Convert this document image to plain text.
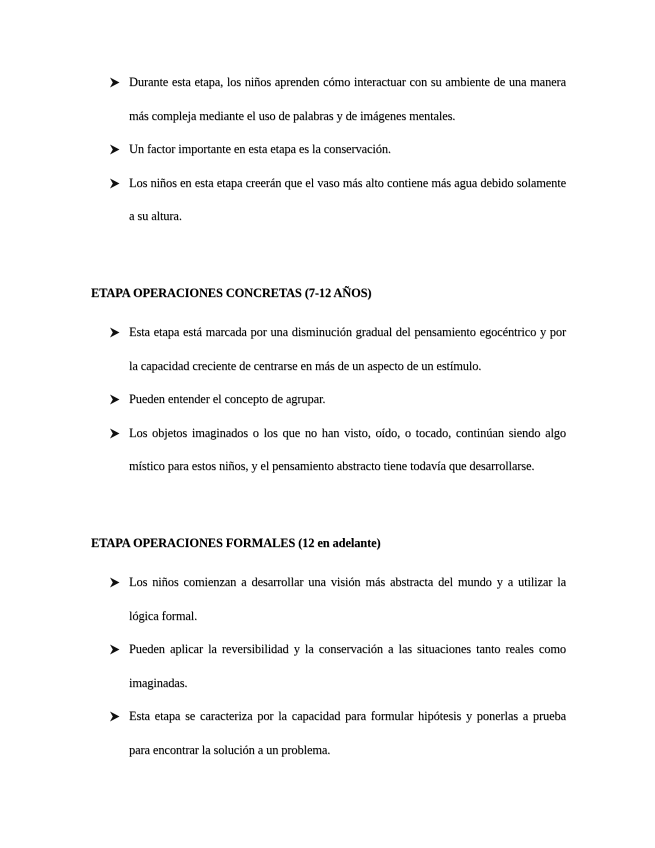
Durante esta etapa, los niños aprenden cómo interactuar con su ambiente de una manera más compleja mediante el uso de palabras y de imágenes mentales.
Un factor importante en esta etapa es la conservación.
Los niños en esta etapa creerán que el vaso más alto contiene más agua debido solamente a su altura.
ETAPA OPERACIONES CONCRETAS (7-12 AÑOS)
Esta etapa está marcada por una disminución gradual del pensamiento egocéntrico y por la capacidad creciente de centrarse en más de un aspecto de un estímulo.
Pueden entender el concepto de agrupar.
Los objetos imaginados o los que no han visto, oído, o tocado, continúan siendo algo místico para estos niños, y el pensamiento abstracto tiene todavía que desarrollarse.
ETAPA OPERACIONES FORMALES (12 en adelante)
Los niños comienzan a desarrollar una visión más abstracta del mundo y a utilizar la lógica formal.
Pueden aplicar la reversibilidad y la conservación a las situaciones tanto reales como imaginadas.
Esta etapa se caracteriza por la capacidad para formular hipótesis y ponerlas a prueba para encontrar la solución a un problema.
